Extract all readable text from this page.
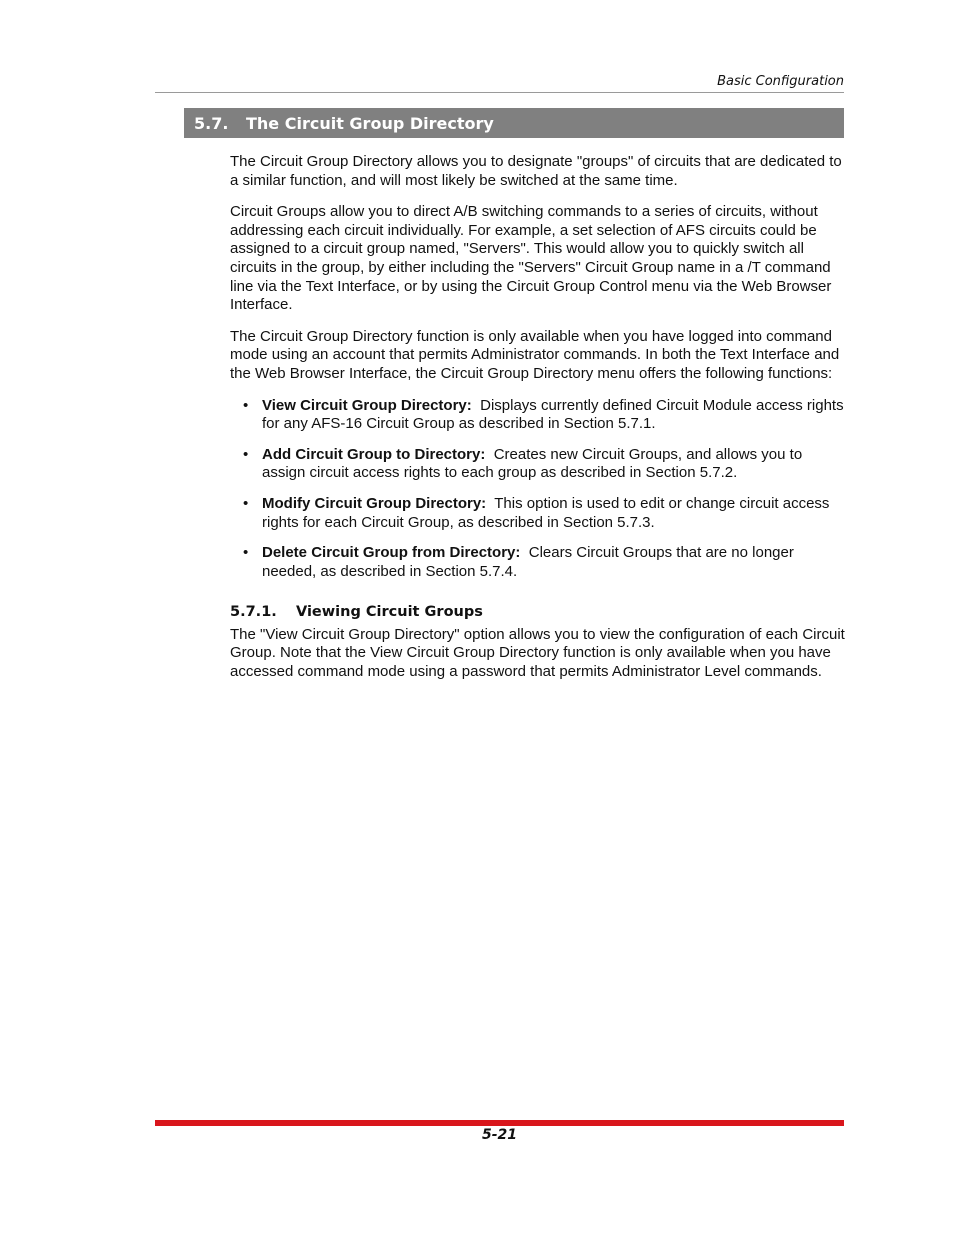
Basic Configuration
5.7.	The Circuit Group Directory

The Circuit Group Directory allows you to designate "groups" of circuits that are dedicated to a similar function, and will most likely be switched at the same time.

Circuit Groups allow you to direct A/B switching commands to a series of circuits, without addressing each circuit individually. For example, a set selection of AFS circuits could be assigned to a circuit group named, "Servers". This would allow you to quickly switch all circuits in the group, by either including the "Servers" Circuit Group name in a /T command line via the Text Interface, or by using the Circuit Group Control menu via the Web Browser Interface.

The Circuit Group Directory function is only available when you have logged into command mode using an account that permits Administrator commands. In both the Text Interface and the Web Browser Interface, the Circuit Group Directory menu offers the following functions:

• View Circuit Group Directory: Displays currently defined Circuit Module access rights for any AFS-16 Circuit Group as described in Section 5.7.1.
• Add Circuit Group to Directory: Creates new Circuit Groups, and allows you to assign circuit access rights to each group as described in Section 5.7.2.
• Modify Circuit Group Directory: This option is used to edit or change circuit access rights for each Circuit Group, as described in Section 5.7.3.
• Delete Circuit Group from Directory: Clears Circuit Groups that are no longer needed, as described in Section 5.7.4.
5.7.1. Viewing Circuit Groups

The "View Circuit Group Directory" option allows you to view the configuration of each Circuit Group. Note that the View Circuit Group Directory function is only available when you have accessed command mode using a password that permits Administrator Level commands.

5-21
